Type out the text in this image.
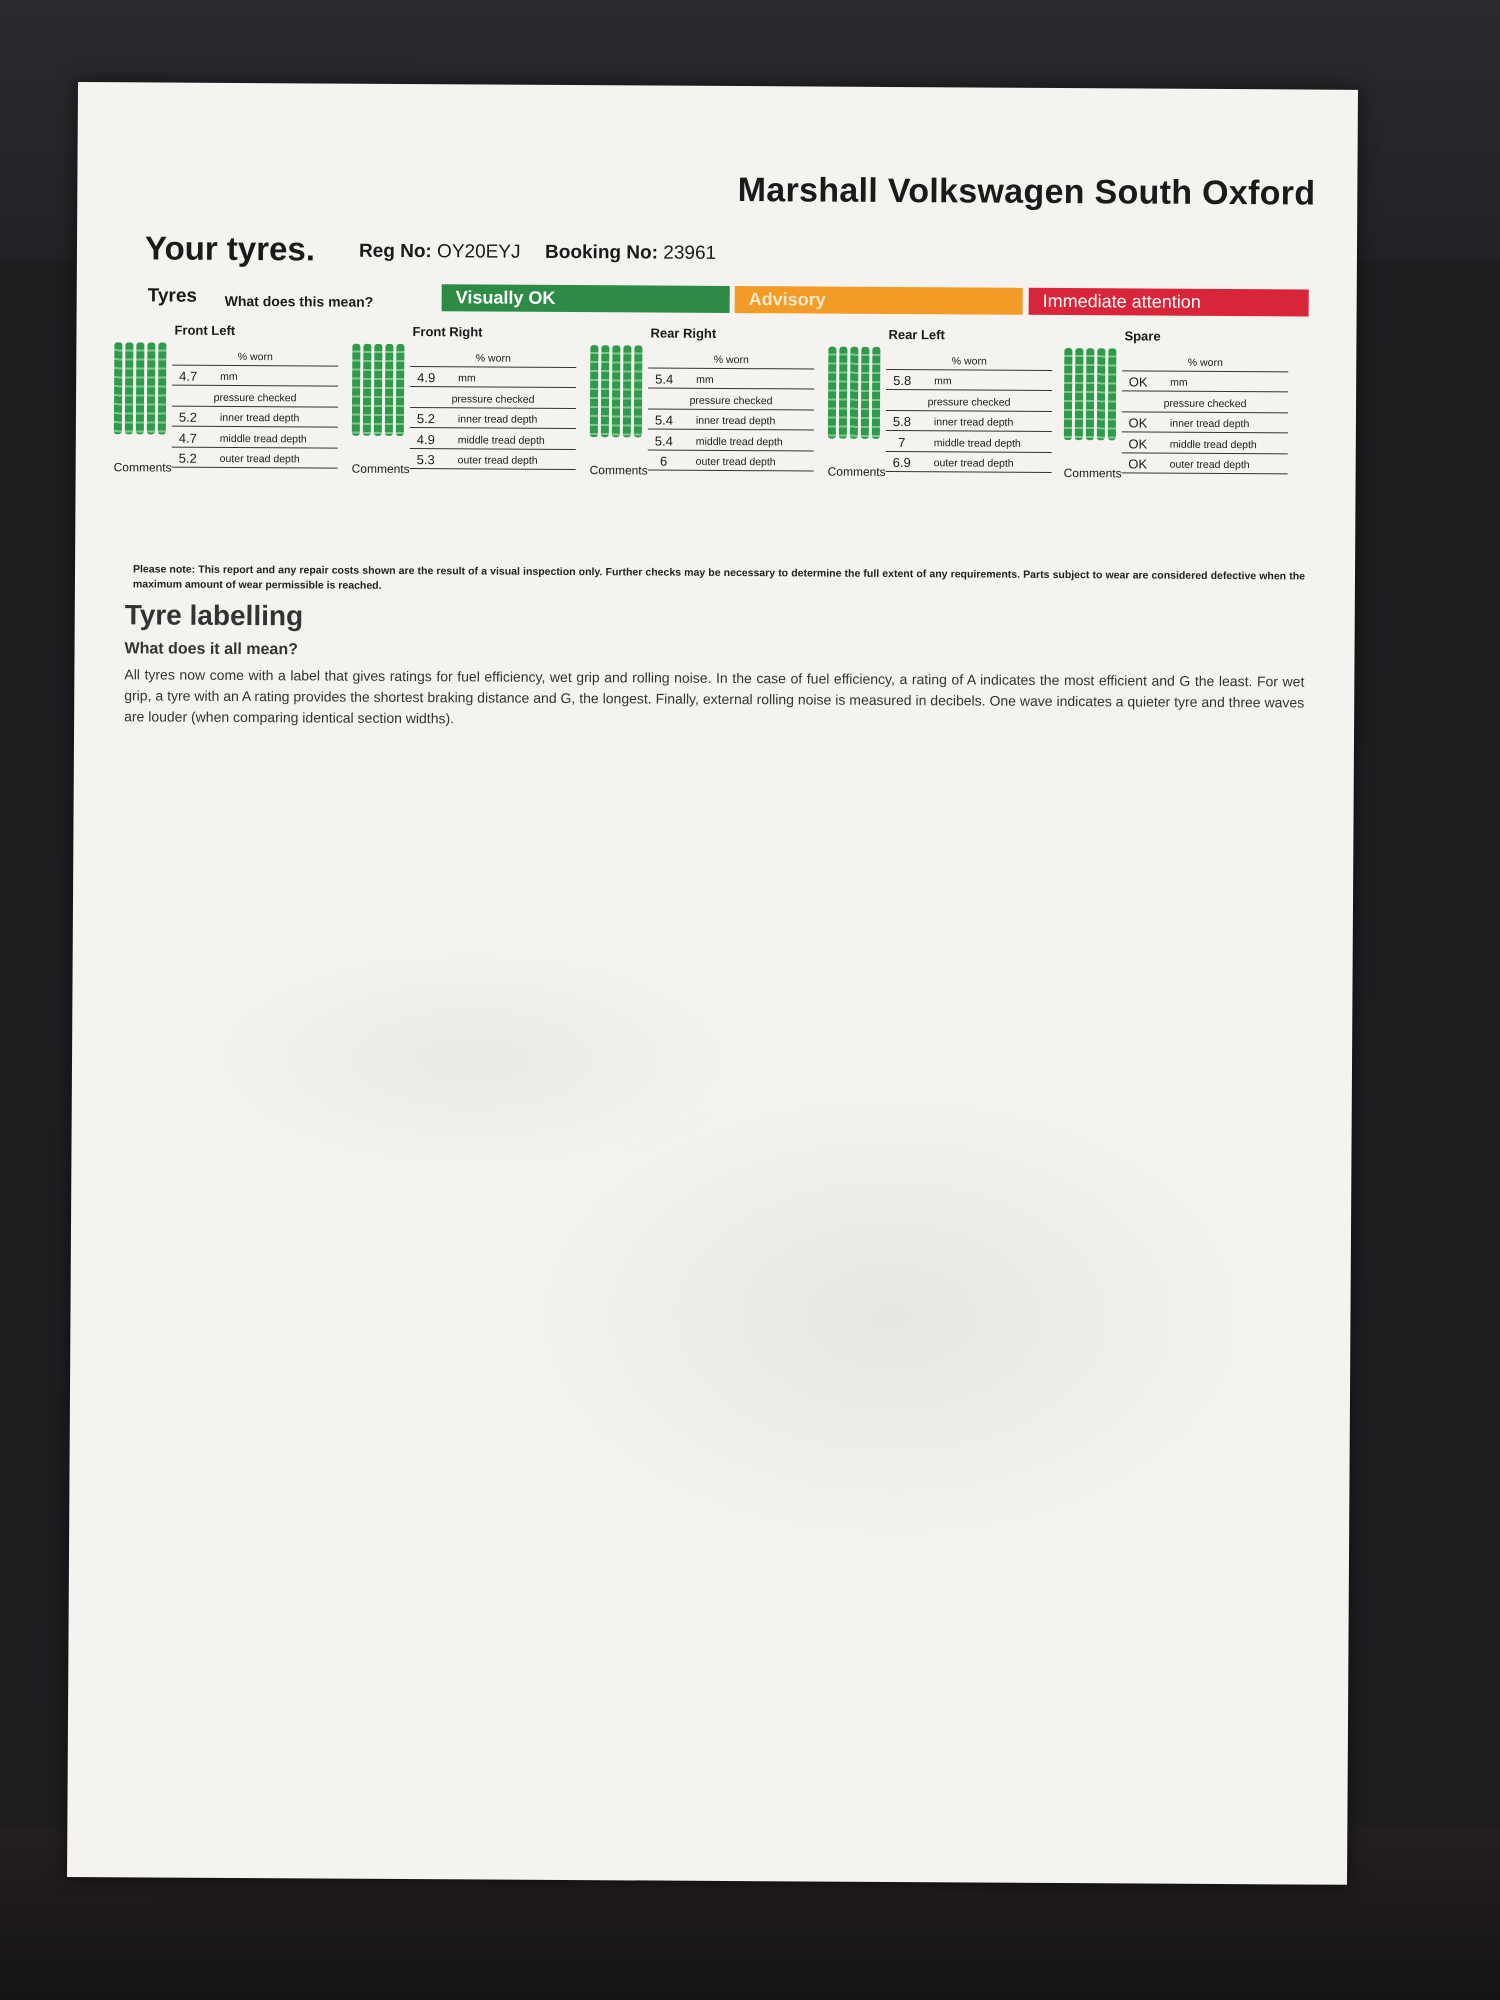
Marshall Volkswagen South Oxford
Your tyres. Reg No: OY20EYJ Booking No: 23961
Tyres What does this mean?	Visually OK	Advisory	Immediate attention
Front Left
% worn
4.7 mm
pressure checked
5.2 inner tread depth
4.7 middle tread depth
5.2 outer tread depth
Comments
Front Right
% worn
4.9 mm
pressure checked
5.2 inner tread depth
4.9 middle tread depth
5.3 outer tread depth
Comments
Rear Right
% worn
5.4 mm
pressure checked
5.4 inner tread depth
5.4 middle tread depth
6	outer tread depth
Comments
Rear Left
% worn
5.8 mm
pressure checked
5.8 inner tread depth
7	middle tread depth
6.9 outer tread depth
Comments
Spare
% worn
OK mm
pressure checked
OK inner tread depth
OK middle tread depth
OK outer tread depth
Comments
Please note: This report and any repair costs shown are the result of a visual inspection only. Further checks may be necessary to determine the full extent of any requirements. Parts subject to wear are considered defective when the maximum amount of wear permissible is reached.
Tyre labelling
What does it all mean?
All tyres now come with a label that gives ratings for fuel efficiency, wet grip and rolling noise. In the case of fuel efficiency, a rating of A indicates the most efficient and G the least. For wet grip, a tyre with an A rating provides the shortest braking distance and G, the longest. Finally, external rolling noise is measured in decibels. One wave indicates a quieter tyre and three waves are louder (when comparing identical section widths).
